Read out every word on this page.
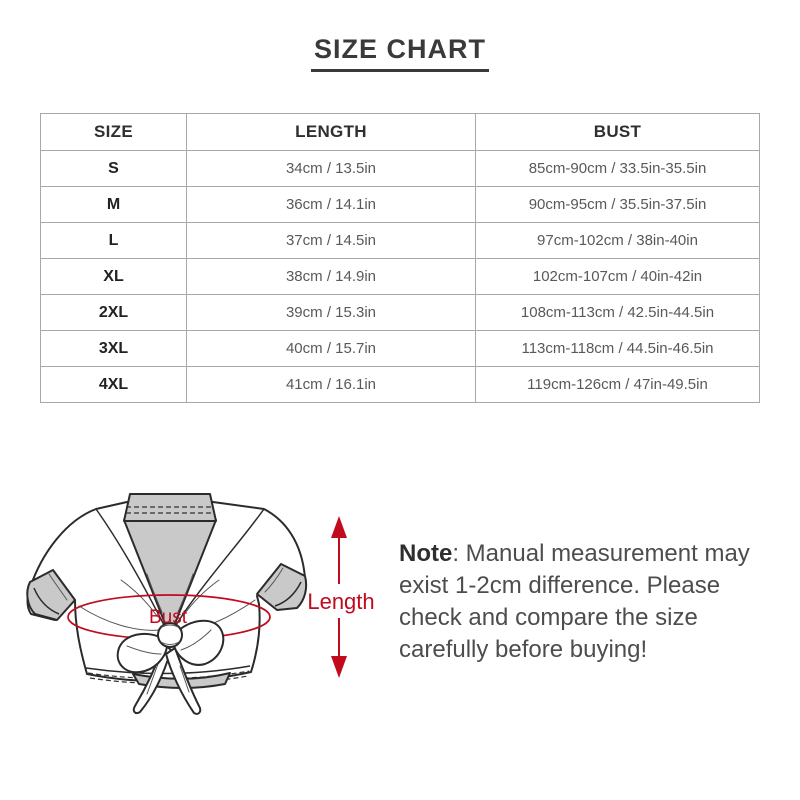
SIZE CHART
SIZE	LENGTH	BUST
S	34cm / 13.5in	85cm-90cm / 33.5in-35.5in
M	36cm / 14.1in	90cm-95cm / 35.5in-37.5in
L	37cm / 14.5in	97cm-102cm / 38in-40in
XL	38cm / 14.9in	102cm-107cm / 40in-42in
2XL	39cm / 15.3in	108cm-113cm / 42.5in-44.5in
3XL	40cm / 15.7in	113cm-118cm / 44.5in-46.5in
4XL	41cm / 16.1in	119cm-126cm / 47in-49.5in
Bust
Length
Note: Manual measurement may
exist 1-2cm difference. Please
check and compare the size
carefully before buying!
